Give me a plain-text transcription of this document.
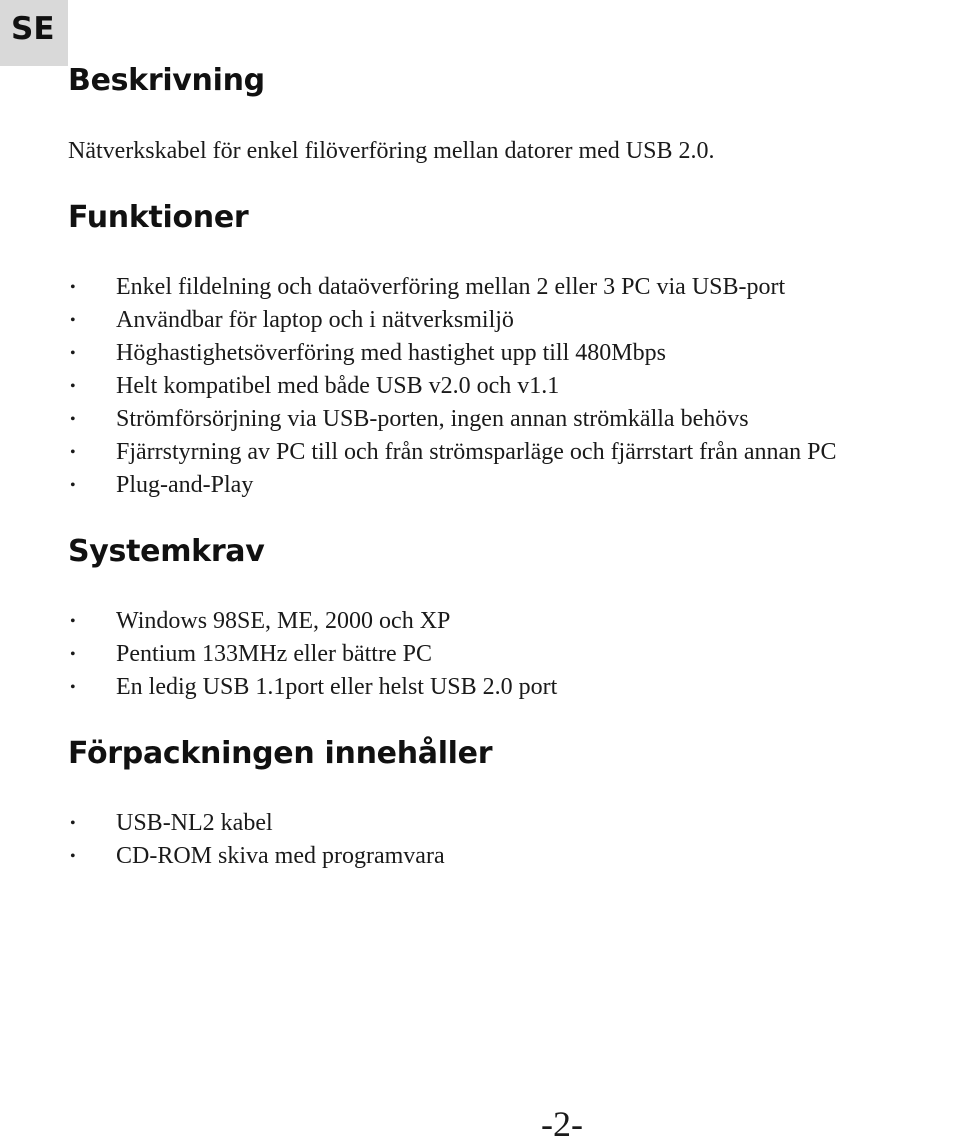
SE
Beskrivning

Nätverkskabel för enkel filöverföring mellan datorer med USB 2.0.

Funktioner
• Enkel fildelning och dataöverföring mellan 2 eller 3 PC via USB-port
• Användbar för laptop och i nätverksmiljö
• Höghastighetsöverföring med hastighet upp till 480Mbps
• Helt kompatibel med både USB v2.0 och v1.1
• Strömförsörjning via USB-porten, ingen annan strömkälla behövs
• Fjärrstyrning av PC till och från strömsparläge och fjärrstart från annan PC
• Plug-and-Play
Systemkrav
• Windows 98SE, ME, 2000 och XP
• Pentium 133MHz eller bättre PC
• En ledig USB 1.1port eller helst USB 2.0 port
Förpackningen innehåller
• USB-NL2 kabel
• CD-ROM skiva med programvara
-2-
